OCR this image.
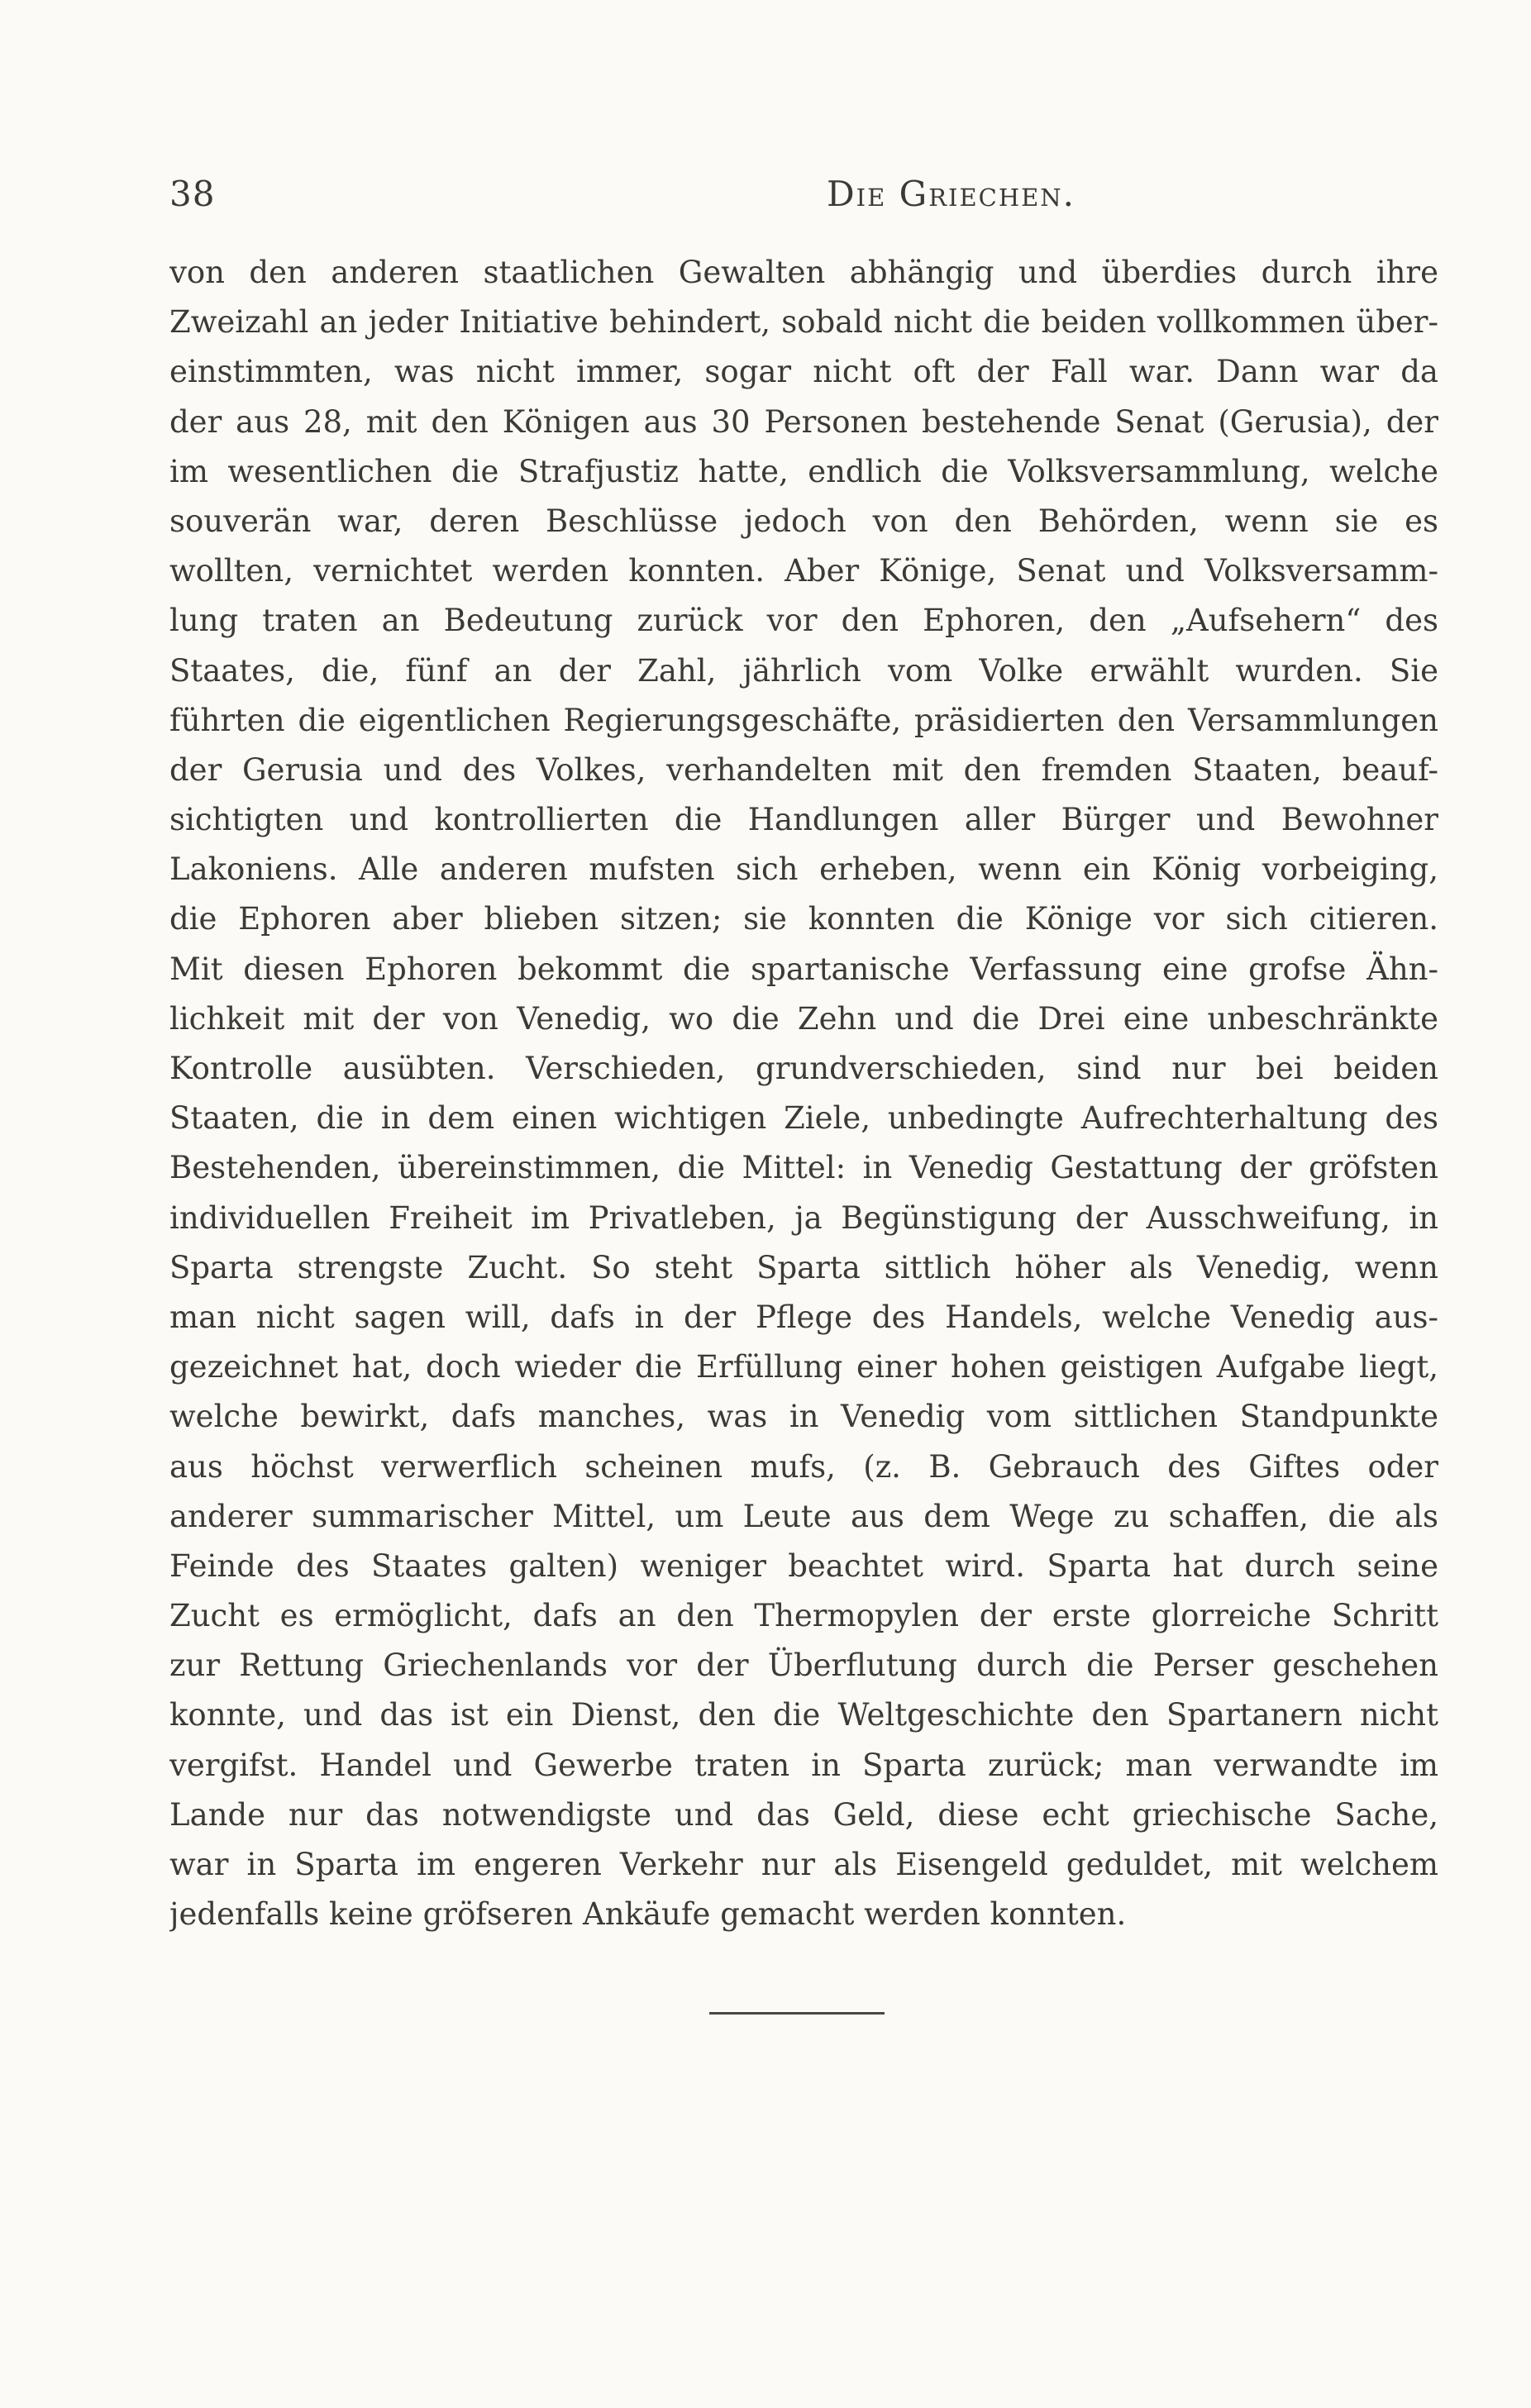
38	Die Griechen.
von den anderen staatlichen Gewalten abhängig und überdies durch ihre
Zweizahl an jeder Initiative behindert, sobald nicht die beiden vollkommen über-
einstimmten, was nicht immer, sogar nicht oft der Fall war. Dann war da
der aus 28, mit den Königen aus 30 Personen bestehende Senat (Gerusia), der
im wesentlichen die Strafjustiz hatte, endlich die Volksversammlung, welche
souverän war, deren Beschlüsse jedoch von den Behörden, wenn sie es
wollten, vernichtet werden konnten. Aber Könige, Senat und Volksversamm-
lung traten an Bedeutung zurück vor den Ephoren, den „Aufsehern“ des
Staates, die, fünf an der Zahl, jährlich vom Volke erwählt wurden. Sie
führten die eigentlichen Regierungsgeschäfte, präsidierten den Versammlungen
der Gerusia und des Volkes, verhandelten mit den fremden Staaten, beauf-
sichtigten und kontrollierten die Handlungen aller Bürger und Bewohner
Lakoniens. Alle anderen mufsten sich erheben, wenn ein König vorbeiging,
die Ephoren aber blieben sitzen; sie konnten die Könige vor sich citieren.
Mit diesen Ephoren bekommt die spartanische Verfassung eine grofse Ähn-
lichkeit mit der von Venedig, wo die Zehn und die Drei eine unbeschränkte
Kontrolle ausübten. Verschieden, grundverschieden, sind nur bei beiden
Staaten, die in dem einen wichtigen Ziele, unbedingte Aufrechterhaltung des
Bestehenden, übereinstimmen, die Mittel: in Venedig Gestattung der gröfsten
individuellen Freiheit im Privatleben, ja Begünstigung der Ausschweifung, in
Sparta strengste Zucht. So steht Sparta sittlich höher als Venedig, wenn
man nicht sagen will, dafs in der Pflege des Handels, welche Venedig aus-
gezeichnet hat, doch wieder die Erfüllung einer hohen geistigen Aufgabe liegt,
welche bewirkt, dafs manches, was in Venedig vom sittlichen Standpunkte
aus höchst verwerflich scheinen mufs, (z. B. Gebrauch des Giftes oder
anderer summarischer Mittel, um Leute aus dem Wege zu schaffen, die als
Feinde des Staates galten) weniger beachtet wird. Sparta hat durch seine
Zucht es ermöglicht, dafs an den Thermopylen der erste glorreiche Schritt
zur Rettung Griechenlands vor der Überflutung durch die Perser geschehen
konnte, und das ist ein Dienst, den die Weltgeschichte den Spartanern nicht
vergifst. Handel und Gewerbe traten in Sparta zurück; man verwandte im
Lande nur das notwendigste und das Geld, diese echt griechische Sache,
war in Sparta im engeren Verkehr nur als Eisengeld geduldet, mit welchem
jedenfalls keine gröfseren Ankäufe gemacht werden konnten.
